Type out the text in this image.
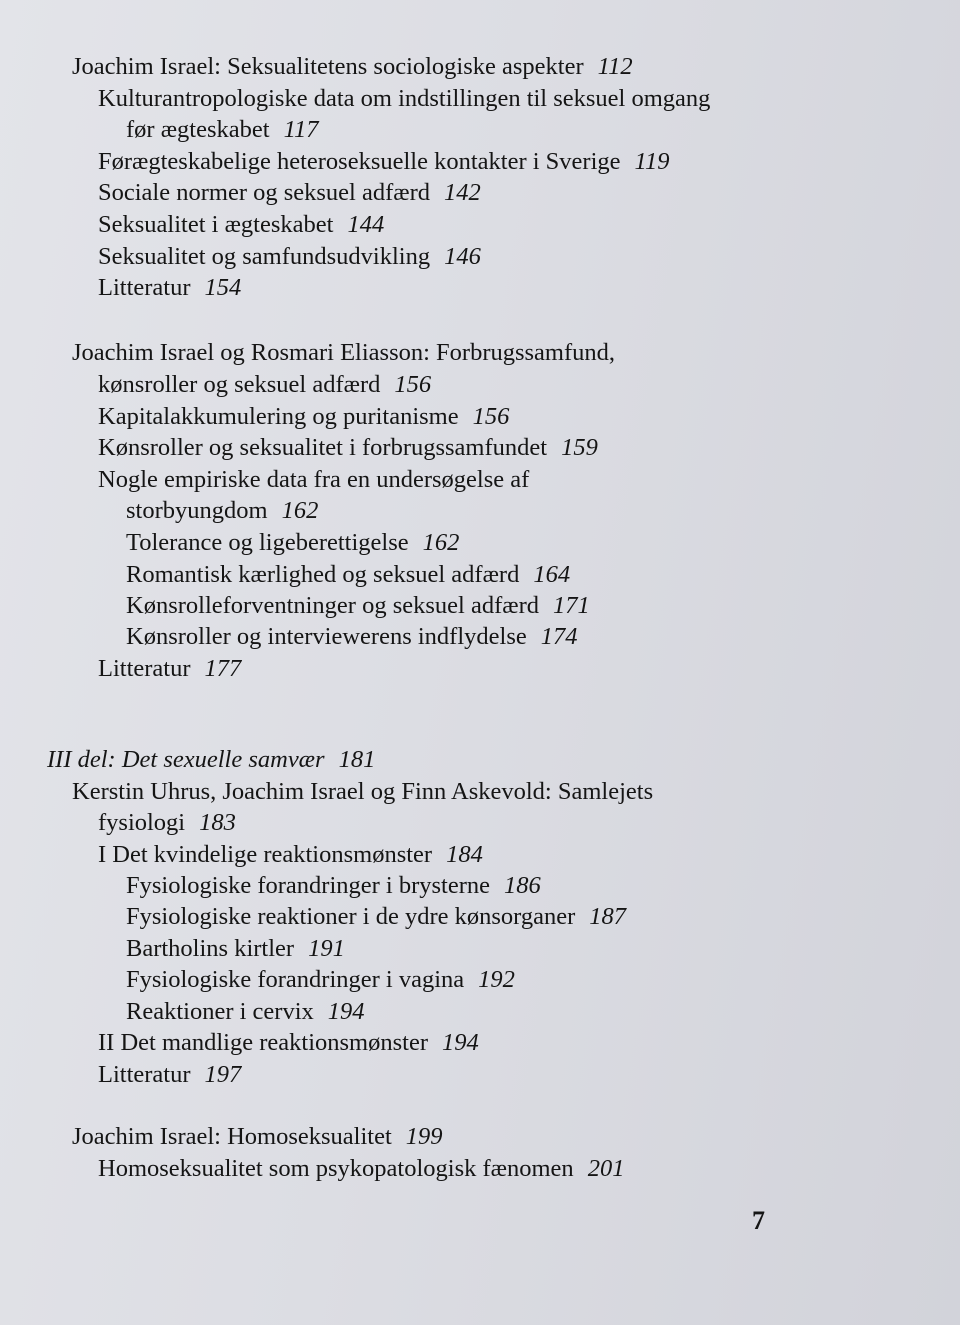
Joachim Israel: Seksualitetens sociologiske aspekter 112
Kulturantropologiske data om indstillingen til seksuel omgang
før ægteskabet 117
Førægteskabelige heteroseksuelle kontakter i Sverige 119
Sociale normer og seksuel adfærd 142
Seksualitet i ægteskabet 144
Seksualitet og samfundsudvikling 146
Litteratur 154
Joachim Israel og Rosmari Eliasson: Forbrugssamfund,
kønsroller og seksuel adfærd 156
Kapitalakkumulering og puritanisme 156
Kønsroller og seksualitet i forbrugssamfundet 159
Nogle empiriske data fra en undersøgelse af
storbyungdom 162
Tolerance og ligeberettigelse 162
Romantisk kærlighed og seksuel adfærd 164
Kønsrolleforventninger og seksuel adfærd 171
Kønsroller og interviewerens indflydelse 174
Litteratur 177
III del: Det sexuelle samvær 181
Kerstin Uhrus, Joachim Israel og Finn Askevold: Samlejets
fysiologi 183
I Det kvindelige reaktionsmønster 184
Fysiologiske forandringer i brysterne 186
Fysiologiske reaktioner i de ydre kønsorganer 187
Bartholins kirtler 191
Fysiologiske forandringer i vagina 192
Reaktioner i cervix 194
II Det mandlige reaktionsmønster 194
Litteratur 197
Joachim Israel: Homoseksualitet 199
Homoseksualitet som psykopatologisk fænomen 201
7
